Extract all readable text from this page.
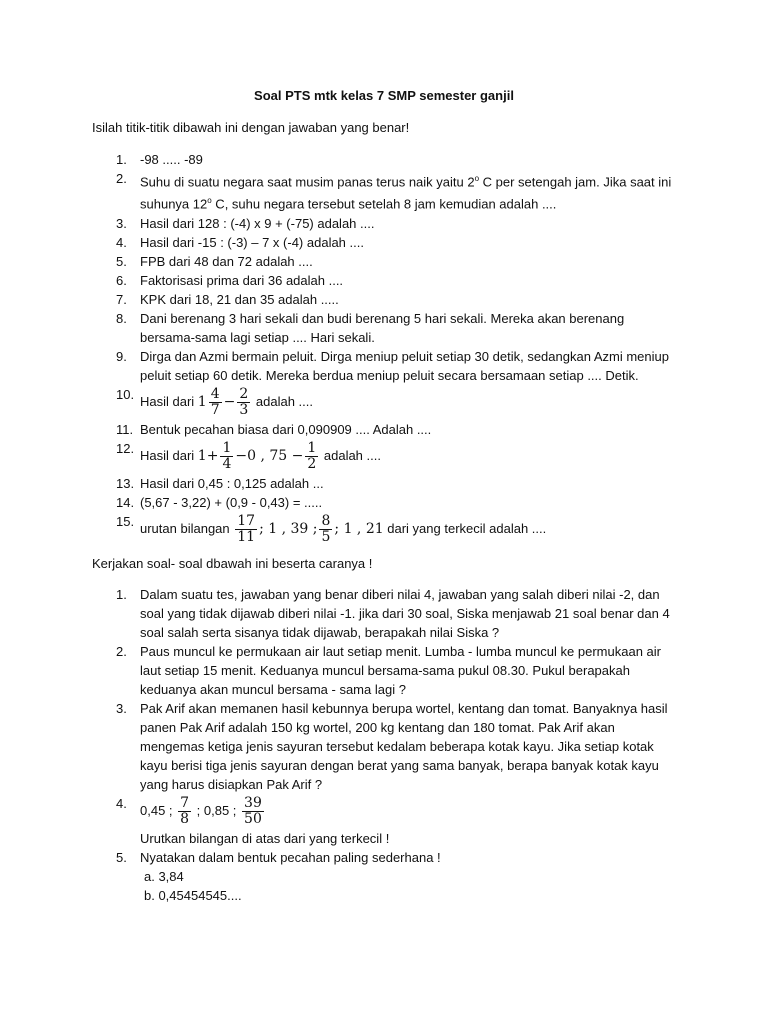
Soal PTS mtk kelas 7 SMP semester ganjil
Isilah titik-titik dibawah ini dengan jawaban yang benar!
1. -98 ..... -89
2. Suhu di suatu negara saat musim panas terus naik yaitu 2$^o$ C per setengah jam. Jika saat ini suhunya 12$^o$ C, suhu negara tersebut setelah 8 jam kemudian adalah ....
3. Hasil dari 128 : (-4) x 9 + (-75) adalah ....
4. Hasil dari -15 : (-3) – 7 x (-4) adalah ....
5. FPB dari 48 dan 72 adalah ....
6. Faktorisasi prima dari 36 adalah ....
7. KPK dari 18, 21 dan 35 adalah .....
8. Dani berenang 3 hari sekali dan budi berenang 5 hari sekali. Mereka akan berenang bersama-sama lagi setiap .... Hari sekali.
9. Dirga dan Azmi bermain peluit. Dirga meniup peluit setiap 30 detik, sedangkan Azmi meniup peluit setiap 60 detik. Mereka berdua meniup peluit secara bersamaan setiap .... Detik.
10. Hasil dari $1 \frac{4}{7} - \frac{2}{3}$ adalah ....
11. Bentuk pecahan biasa dari 0,090909 .... Adalah ....
12. Hasil dari $1+ \frac{1}{4} -0$ , $75 - \frac{1}{2}$ adalah ....
13. Hasil dari 0,45 : 0,125 adalah ...
14. (5,67 - 3,22) + (0,9 - 0,43) = .....
15. urutan bilangan $\frac{17}{11}$ ; 1 , 39 ; $\frac{8}{5}$ ; 1 , 21 dari yang terkecil adalah ....
Kerjakan soal- soal dbawah ini beserta caranya !
1. Dalam suatu tes, jawaban yang benar diberi nilai 4, jawaban yang salah diberi nilai -2, dan soal yang tidak dijawab diberi nilai -1. jika dari 30 soal, Siska menjawab 21 soal benar dan 4 soal salah serta sisanya tidak dijawab, berapakah nilai Siska ?
2. Paus muncul ke permukaan air laut setiap menit. Lumba - lumba muncul ke permukaan air laut setiap 15 menit. Keduanya muncul bersama-sama pukul 08.30. Pukul berapakah keduanya akan muncul bersama - sama lagi ?
3. Pak Arif akan memanen hasil kebunnya berupa wortel, kentang dan tomat. Banyaknya hasil panen Pak Arif adalah 150 kg wortel, 200 kg kentang dan 180 tomat. Pak Arif akan mengemas ketiga jenis sayuran tersebut kedalam beberapa kotak kayu. Jika setiap kotak kayu berisi tiga jenis sayuran dengan berat yang sama banyak, berapa banyak kotak kayu yang harus disiapkan Pak Arif ?
4. 0,45 ; $\frac{7}{8}$ ; 0,85 ; $\frac{39}{50}$
Urutkan bilangan di atas dari yang terkecil !
5. Nyatakan dalam bentuk pecahan paling sederhana !
a. 3,84
b. 0,45454545....
